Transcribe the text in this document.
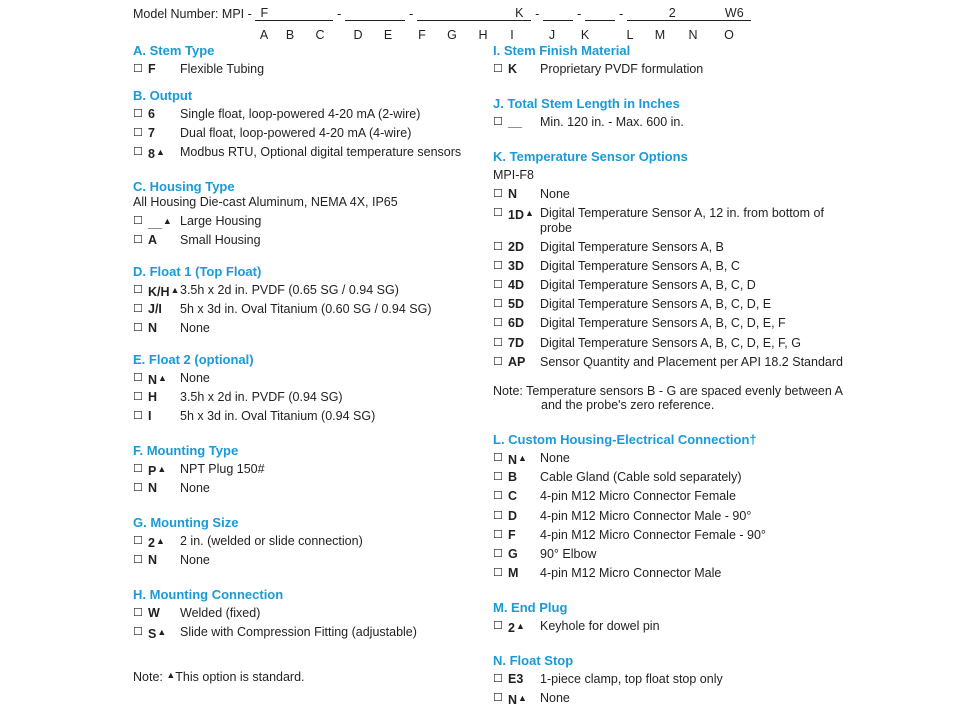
Model Number: MPI - F	-	-	K -	-	-	2	W6
A	B	C	D	E	F	G	H	I	J	K	L	M	N	O
Note: ▲This option is standard.
A. Stem Type
☐ F Flexible Tubing
B. Output
☐ 6 Single float, loop-powered 4-20 mA (2-wire)
☐ 7 Dual float, loop-powered 4-20 mA (4-wire)
☐ 8▲ Modbus RTU, Optional digital temperature sensors
C. Housing Type
All Housing Die-cast Aluminum, NEMA 4X, IP65
☐ __▲ Large Housing
☐ A Small Housing
D. Float 1 (Top Float)
☐ K/H▲ 3.5h x 2d in. PVDF (0.65 SG / 0.94 SG)
☐ J/I 5h x 3d in. Oval Titanium (0.60 SG / 0.94 SG)
☐ N None
E. Float 2 (optional)
☐ N▲ None
☐ H 3.5h x 2d in. PVDF (0.94 SG)
☐ I 5h x 3d in. Oval Titanium (0.94 SG)
F. Mounting Type
☐ P▲ NPT Plug 150#
☐ N None
G. Mounting Size
☐ 2▲ 2 in. (welded or slide connection)
☐ N None
H. Mounting Connection
☐ W Welded (fixed)
☐ S▲ Slide with Compression Fitting (adjustable)
I. Stem Finish Material
☐ K Proprietary PVDF formulation
J. Total Stem Length in Inches
☐ __ Min. 120 in. - Max. 600 in.
K. Temperature Sensor Options
MPI-F8
☐ N None
☐ 1D▲ Digital Temperature Sensor A, 12 in. from bottom of
probe
☐ 2D Digital Temperature Sensors A, B
☐ 3D Digital Temperature Sensors A, B, C
☐ 4D Digital Temperature Sensors A, B, C, D
☐ 5D Digital Temperature Sensors A, B, C, D, E
☐ 6D Digital Temperature Sensors A, B, C, D, E, F
☐ 7D Digital Temperature Sensors A, B, C, D, E, F, G
☐ AP Sensor Quantity and Placement per API 18.2 Standard
Note: Temperature sensors B - G are spaced evenly between A
and the probe's zero reference.
L. Custom Housing-Electrical Connection†
☐ N▲ None
☐ B Cable Gland (Cable sold separately)
☐ C 4-pin M12 Micro Connector Female
☐ D 4-pin M12 Micro Connector Male - 90°
☐ F 4-pin M12 Micro Connector Female - 90°
☐ G 90° Elbow
☐ M 4-pin M12 Micro Connector Male
M. End Plug
☐ 2▲ Keyhole for dowel pin
N. Float Stop
☐ E3 1-piece clamp, top float stop only
☐ N▲ None
